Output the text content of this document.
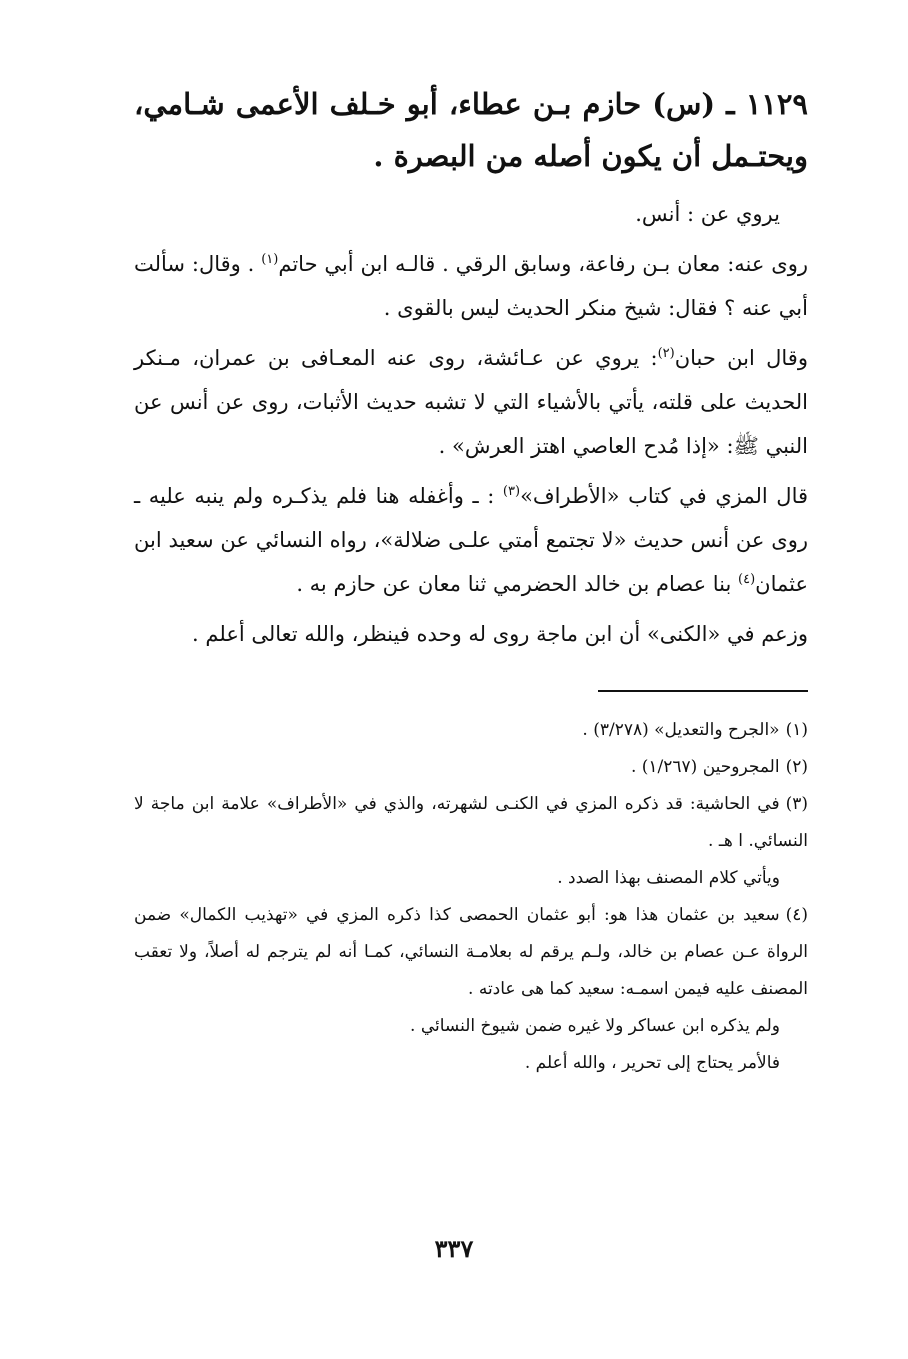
١١٢٩ ـ (س) حازم بـن عطاء، أبو خـلف الأعمى شـامي، ويحتـمل أن يكون أصله من البصرة .

يروي عن : أنس.

روى عنه: معان بـن رفاعة، وسابق الرقي . قالـه ابن أبي حاتم$^{(١)}$ . وقال: سألت أبي عنه ؟ فقال: شيخ منكر الحديث ليس بالقوى .

وقال ابن حبان$^{(٢)}$: يروي عن عـائشة، روى عنه المعـافى بن عمران، مـنكر الحديث على قلته، يأتي بالأشياء التي لا تشبه حديث الأثبات، روى عن أنس عن النبي ﷺ: «إذا مُدح العاصي اهتز العرش» .

قال المزي في كتاب «الأطراف»$^{(٣)}$ : ـ وأغفله هنا فلم يذكـره ولم ينبه عليه ـ روى عن أنس حديث «لا تجتمع أمتي علـى ضلالة»، رواه النسائي عن سعيد ابن عثمان$^{(٤)}$ بنا عصام بن خالد الحضرمي ثنا معان عن حازم به .

وزعم في «الكنى» أن ابن ماجة روى له وحده فينظر، والله تعالى أعلم .

(١)«الجرح والتعديل» (٣/٢٧٨) .

(٢)المجروحين (١/٢٦٧) .

(٣)في الحاشية: قد ذكره المزي في الكنـى لشهرته، والذي في «الأطراف» علامة ابن ماجة لا النسائي. ا هـ .

ويأتي كلام المصنف بهذا الصدد .

(٤)سعيد بن عثمان هذا هو: أبو عثمان الحمصى كذا ذكره المزي في «تهذيب الكمال» ضمن الرواة عـن عصام بن خالد، ولـم يرقم له بعلامـة النسائي، كمـا أنه لم يترجم له أصلاً، ولا تعقب المصنف عليه فيمن اسمـه: سعيد كما هى عادته .

ولم يذكره ابن عساكر ولا غيره ضمن شيوخ النسائي .

فالأمر يحتاج إلى تحرير ، والله أعلم .

٣٣٧
